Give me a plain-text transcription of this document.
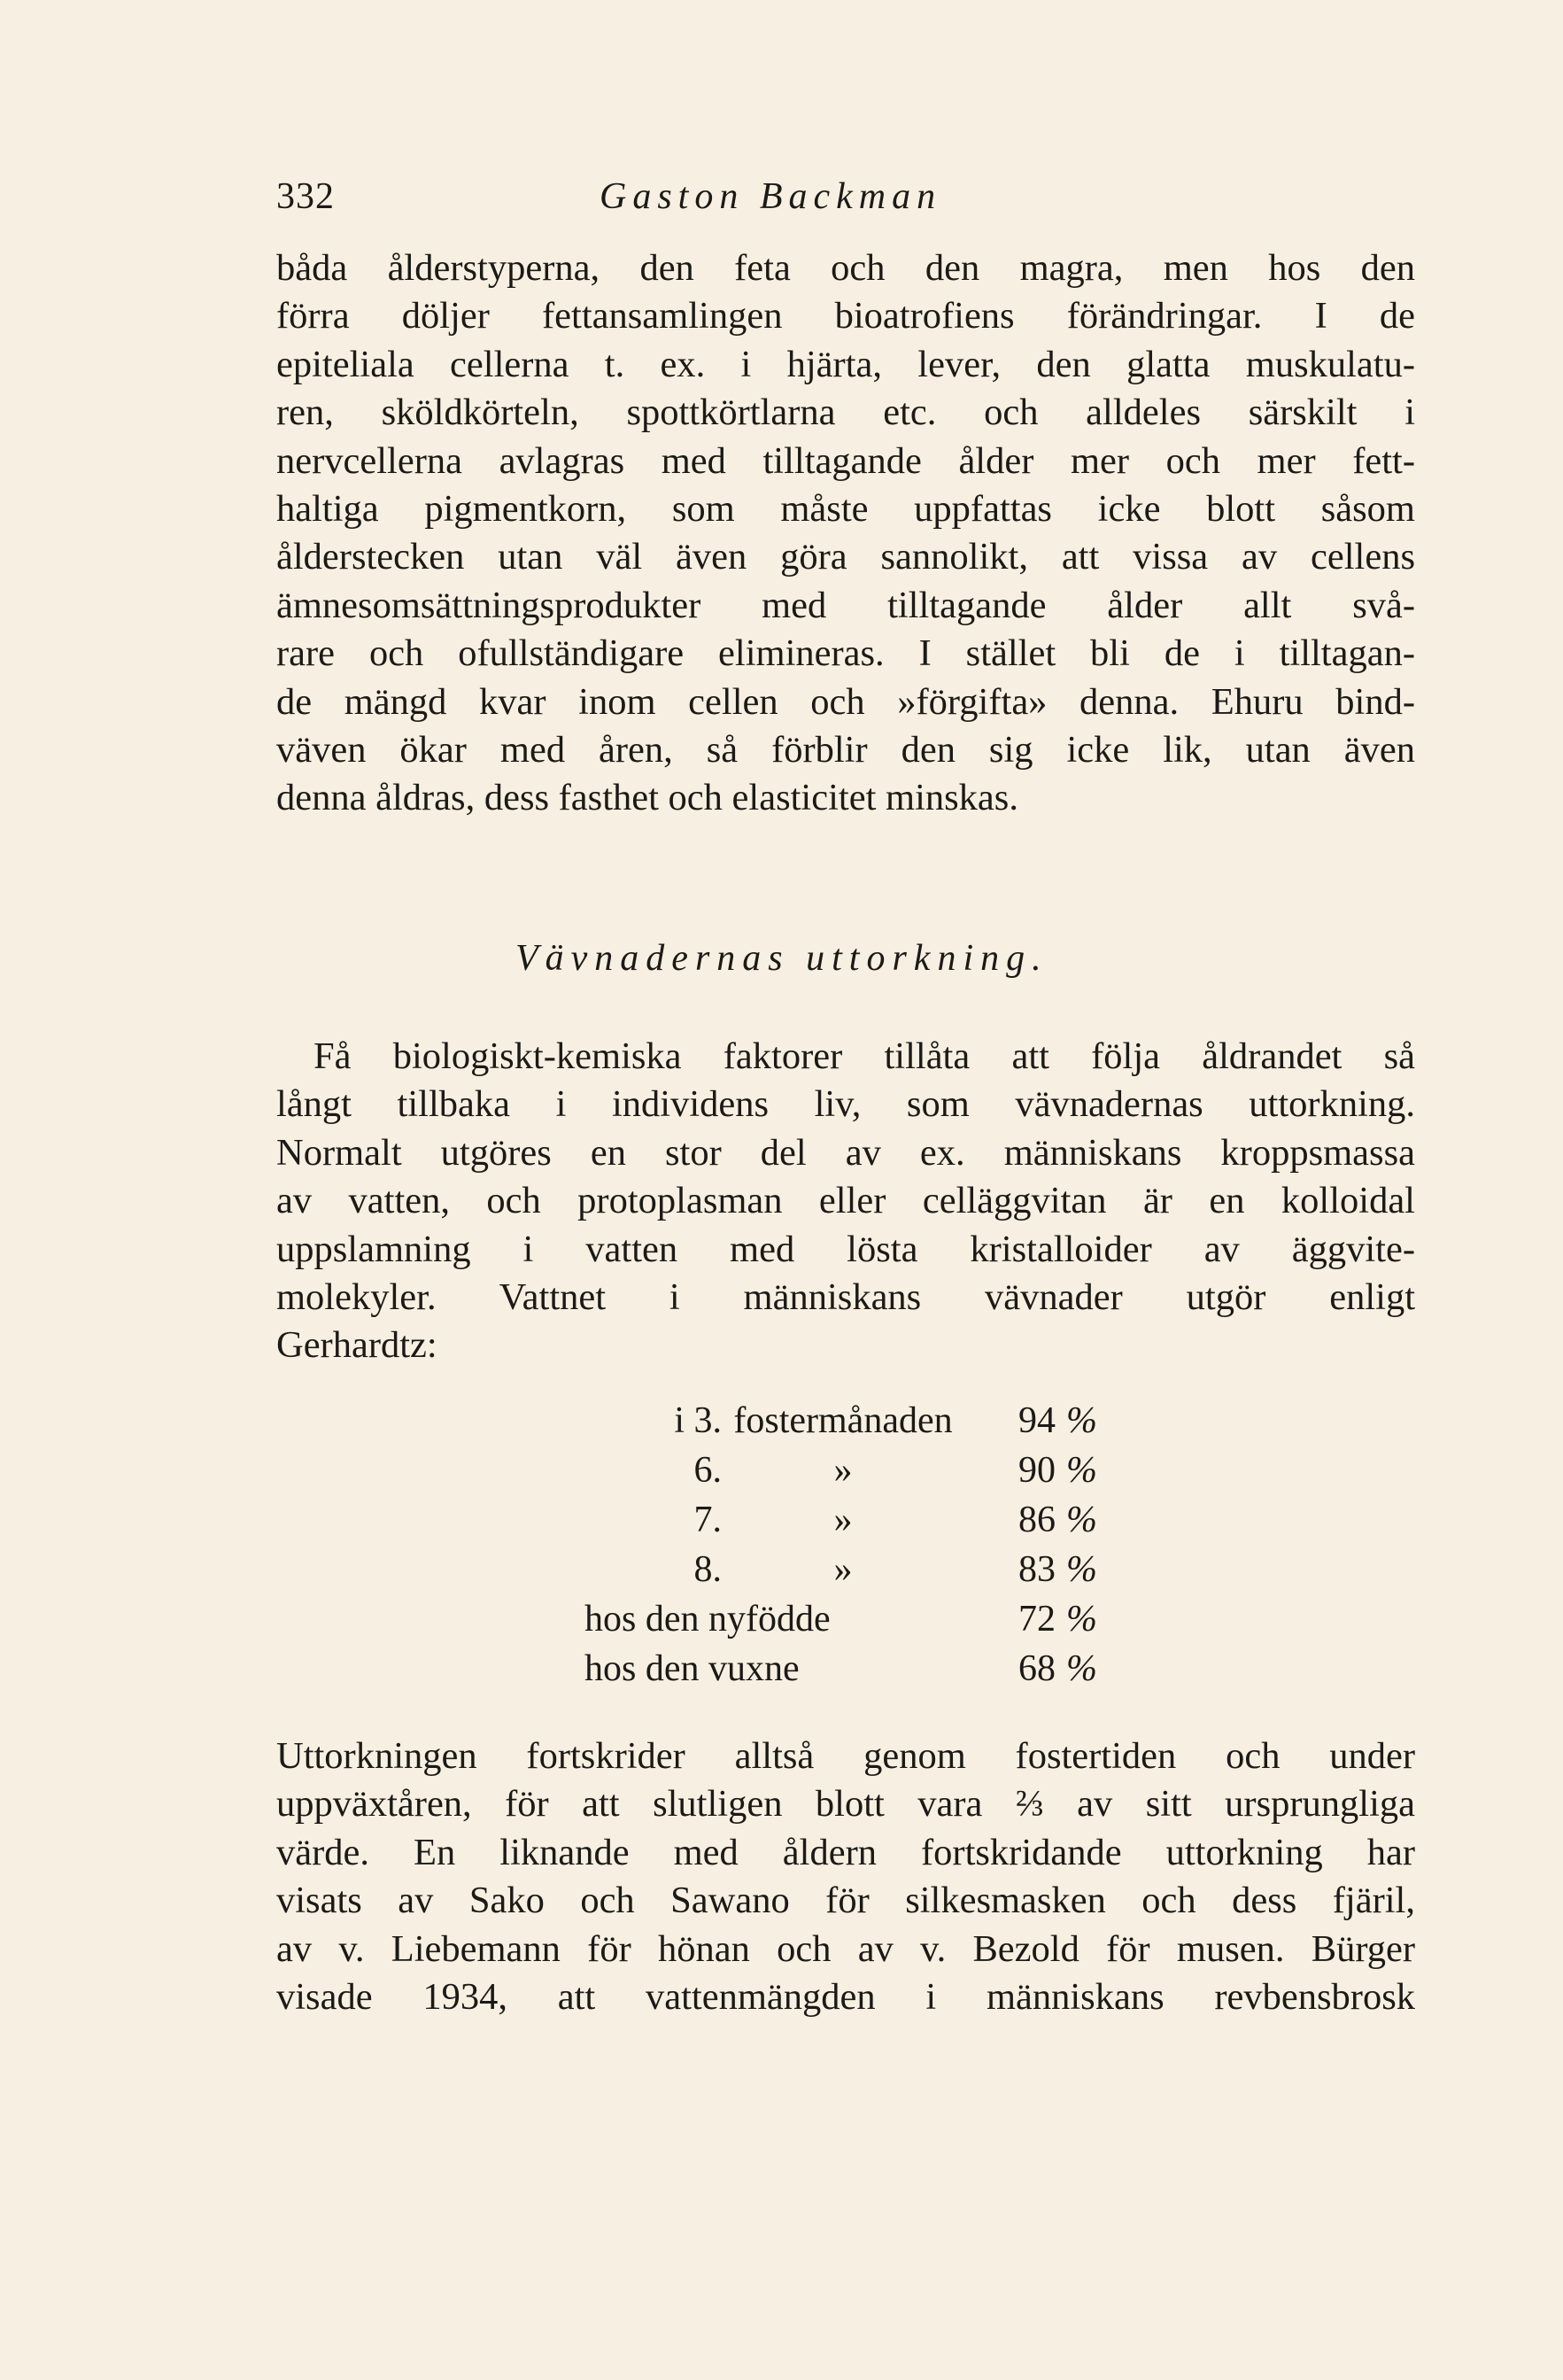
332	Gaston Backman

båda ålderstyperna, den feta och den magra, men hos den
förra döljer fettansamlingen bioatrofiens förändringar. I de
epiteliala cellerna t. ex. i hjärta, lever, den glatta muskulatu-
ren, sköldkörteln, spottkörtlarna etc. och alldeles särskilt i
nervcellerna avlagras med tilltagande ålder mer och mer fett-
haltiga pigmentkorn, som måste uppfattas icke blott såsom
ålderstecken utan väl även göra sannolikt, att vissa av cellens
ämnesomsättningsprodukter med tilltagande ålder allt svå-
rare och ofullständigare elimineras. I stället bli de i tilltagan-
de mängd kvar inom cellen och »förgifta» denna. Ehuru bind-
väven ökar med åren, så förblir den sig icke lik, utan även
denna åldras, dess fasthet och elasticitet minskas.

Vävnadernas uttorkning.

Få biologiskt-kemiska faktorer tillåta att följa åldrandet så
långt tillbaka i individens liv, som vävnadernas uttorkning.
Normalt utgöres en stor del av ex. människans kroppsmassa
av vatten, och protoplasman eller celläggvitan är en kolloidal
uppslamning i vatten med lösta kristalloider av äggvite-
molekyler. Vattnet i människans vävnader utgör enligt
Gerhardtz:

i 3.	fostermånaden	94	%
6.	»	90	%
7.	»	86	%
8.	»	83	%
hos den nyfödde		72	%
hos den vuxne		68	%

Uttorkningen fortskrider alltså genom fostertiden och under
uppväxtåren, för att slutligen blott vara ⅔ av sitt ursprungliga
värde. En liknande med åldern fortskridande uttorkning har
visats av Sako och Sawano för silkesmasken och dess fjäril,
av v. Liebemann för hönan och av v. Bezold för musen. Bürger
visade 1934, att vattenmängden i människans revbensbrosk
